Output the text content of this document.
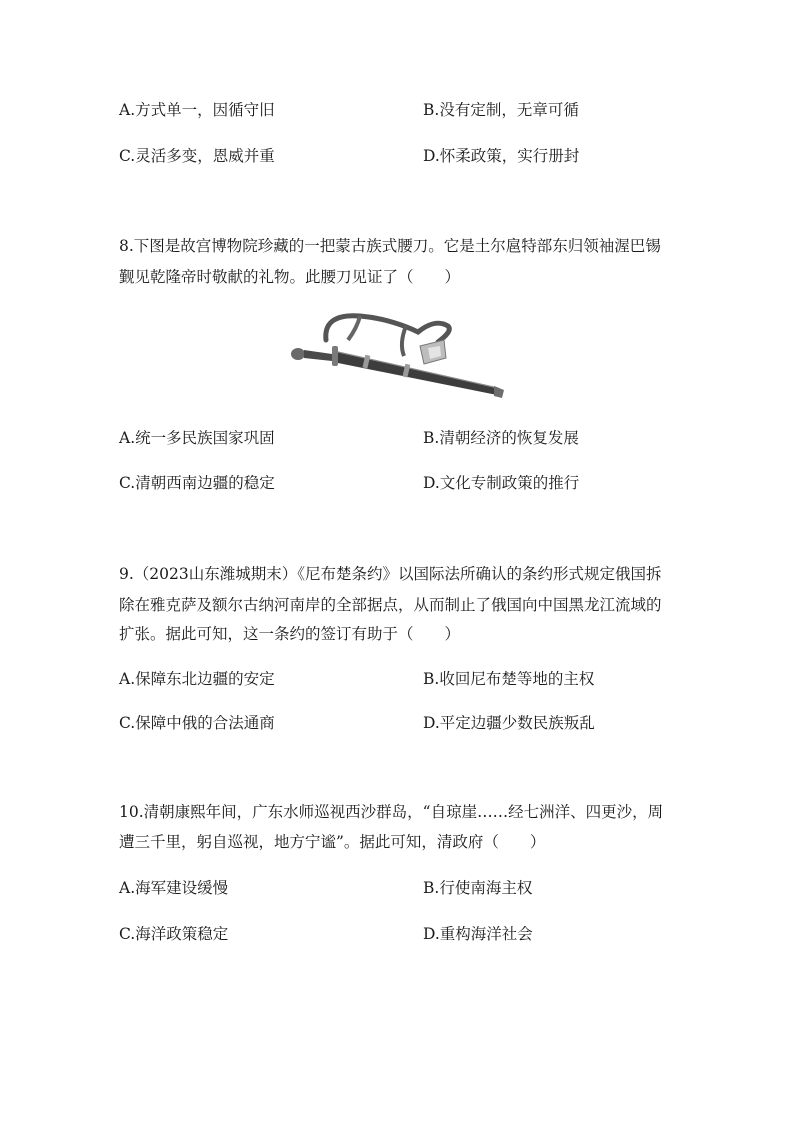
A.方式单一，因循守旧	B.没有定制，无章可循
C.灵活多变，恩威并重	D.怀柔政策，实行册封
8.下图是故宫博物院珍藏的一把蒙古族式腰刀。它是土尔扈特部东归领袖渥巴锡
觐见乾隆帝时敬献的礼物。此腰刀见证了（　　）
A.统一多民族国家巩固	B.清朝经济的恢复发展
C.清朝西南边疆的稳定	D.文化专制政策的推行
9.（2023山东潍城期末）《尼布楚条约》以国际法所确认的条约形式规定俄国拆
除在雅克萨及额尔古纳河南岸的全部据点，从而制止了俄国向中国黑龙江流域的
扩张。据此可知，这一条约的签订有助于（　　）
A.保障东北边疆的安定	B.收回尼布楚等地的主权
C.保障中俄的合法通商	D.平定边疆少数民族叛乱
10.清朝康熙年间，广东水师巡视西沙群岛，“自琼崖……经七洲洋、四更沙，周
遭三千里，躬自巡视，地方宁谧”。据此可知，清政府（　　）
A.海军建设缓慢	B.行使南海主权
C.海洋政策稳定	D.重构海洋社会
